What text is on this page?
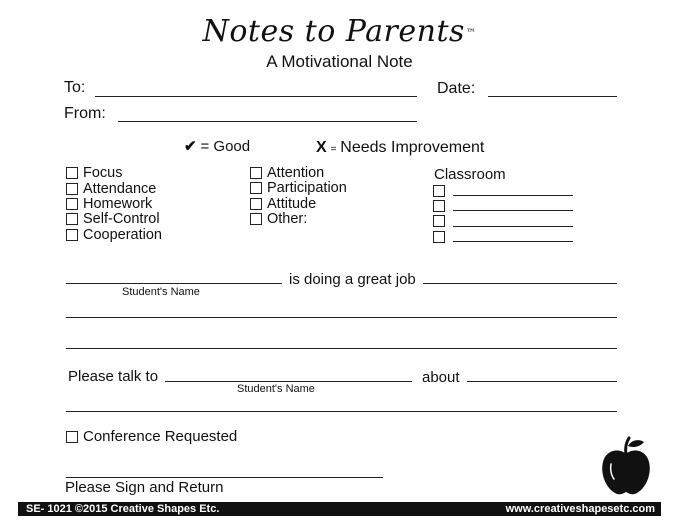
Notes to Parents™
A Motivational Note
To:	Date:
From:
✔ = Good	X = Needs Improvement
Focus
Attendance
Homework
Self-Control
Cooperation
Attention
Participation
Attitude
Other:
Classroom
is doing a great job
Student's Name
Please talk to	about
Student's Name
Conference Requested
Please Sign and Return
SE- 1021 ©2015 Creative Shapes Etc.	www.creativeshapesetc.com
